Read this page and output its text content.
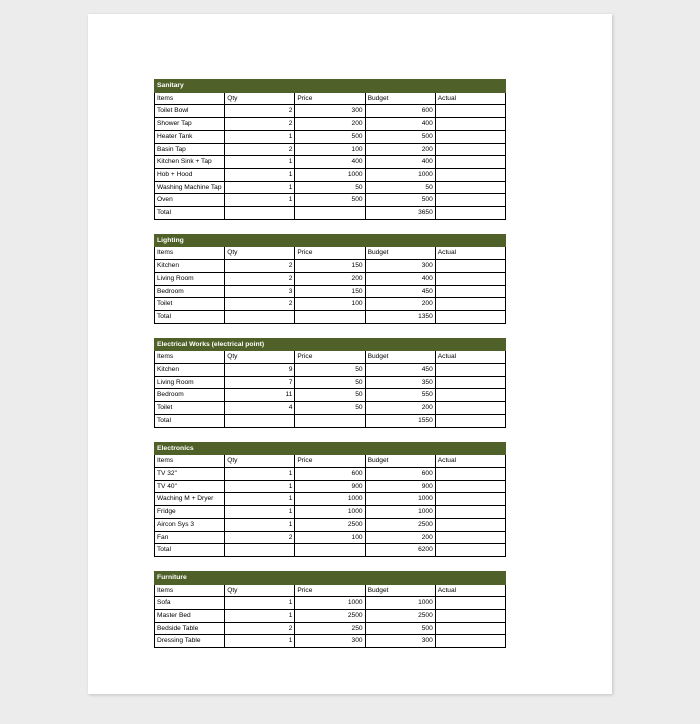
Sanitary				
Items	Qty	Price	Budget	Actual
Toilet Bowl	2	300	600	
Shower Tap	2	200	400	
Heater Tank	1	500	500	
Basin Tap	2	100	200	
Kitchen Sink + Tap	1	400	400	
Hob + Hood	1	1000	1000	
Washing Machine Tap	1	50	50	
Oven	1	500	500	
Total			3650	
Lighting				
Items	Qty	Price	Budget	Actual
Kitchen	2	150	300	
Living Room	2	200	400	
Bedroom	3	150	450	
Toilet	2	100	200	
Total			1350	
Electrical Works (electrical point)				
Items	Qty	Price	Budget	Actual
Kitchen	9	50	450	
Living Room	7	50	350	
Bedroom	11	50	550	
Toilet	4	50	200	
Total			1550	
Electronics				
Items	Qty	Price	Budget	Actual
TV 32"	1	600	600	
TV 40"	1	900	900	
Waching M + Dryer	1	1000	1000	
Fridge	1	1000	1000	
Aircon Sys 3	1	2500	2500	
Fan	2	100	200	
Total			6200	
Furniture				
Items	Qty	Price	Budget	Actual
Sofa	1	1000	1000	
Master Bed	1	2500	2500	
Bedside Table	2	250	500	
Dressing Table	1	300	300	
